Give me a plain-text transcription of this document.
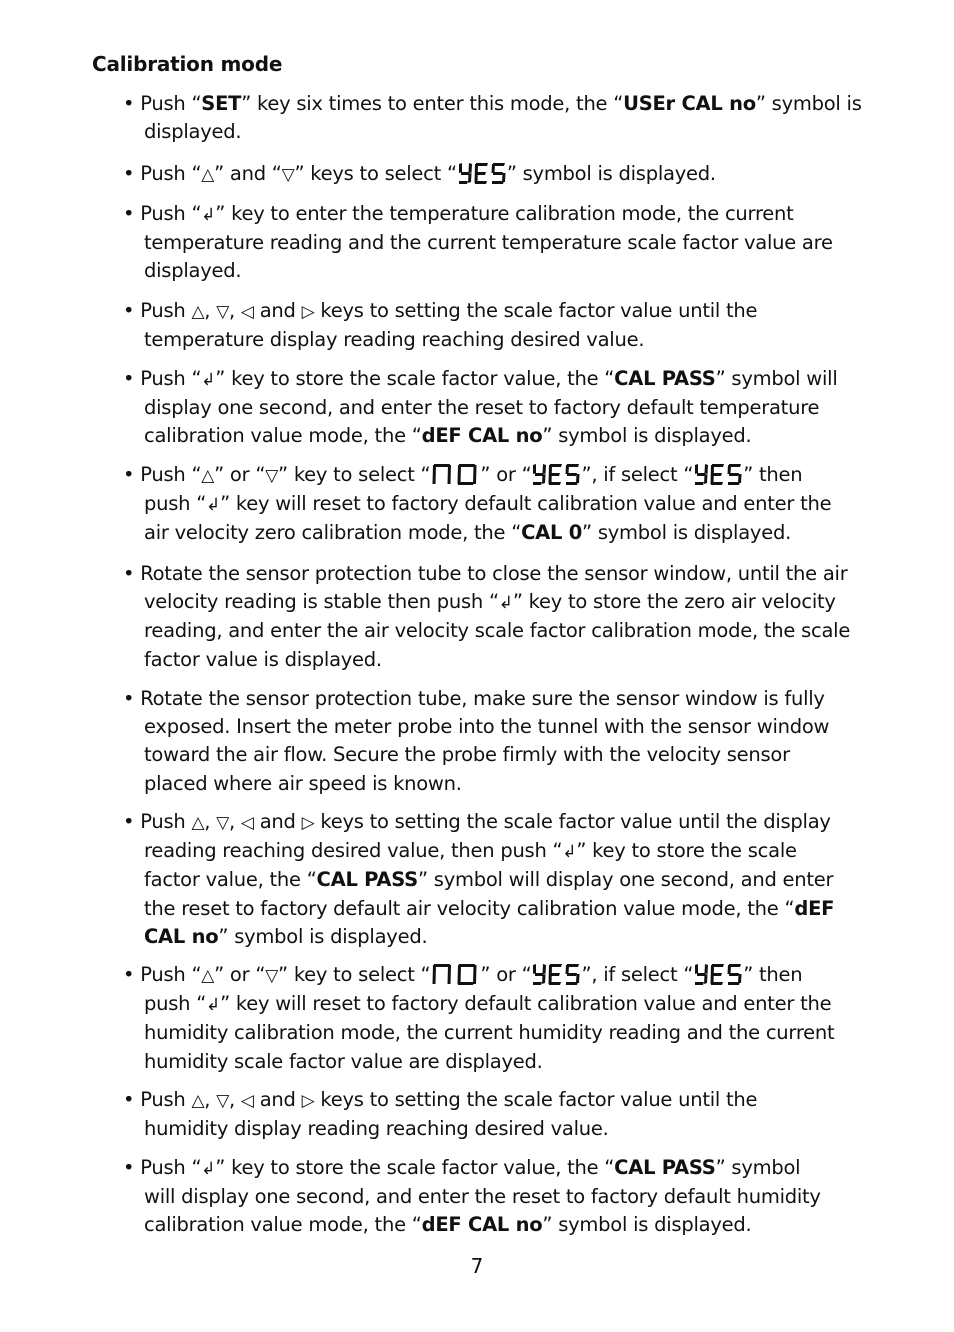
Calibration mode
• Push “SET” key six times to enter this mode, the “USEr CAL no” symbol is
displayed.
• Push “△” and “▽” keys to select “	” symbol is displayed.
• Push “↲” key to enter the temperature calibration mode, the current
temperature reading and the current temperature scale factor value are
displayed.
• Push △, ▽, ◁ and ▷ keys to setting the scale factor value until the
temperature display reading reaching desired value.
• Push “↲” key to store the scale factor value, the “CAL PASS” symbol will
display one second, and enter the reset to factory default temperature
calibration value mode, the “dEF CAL no” symbol is displayed.
• Push “△” or “▽” key to select “	” or “	”, if select “	” then
push “↲” key will reset to factory default calibration value and enter the
air velocity zero calibration mode, the “CAL 0” symbol is displayed.
• Rotate the sensor protection tube to close the sensor window, until the air
velocity reading is stable then push “↲” key to store the zero air velocity
reading, and enter the air velocity scale factor calibration mode, the scale
factor value is displayed.
• Rotate the sensor protection tube, make sure the sensor window is fully
exposed. Insert the meter probe into the tunnel with the sensor window
toward the air flow. Secure the probe firmly with the velocity sensor
placed where air speed is known.
• Push △, ▽, ◁ and ▷ keys to setting the scale factor value until the display
reading reaching desired value, then push “↲” key to store the scale
factor value, the “CAL PASS” symbol will display one second, and enter
the reset to factory default air velocity calibration value mode, the “dEF
CAL no” symbol is displayed.
• Push “△” or “▽” key to select “	” or “	”, if select “	” then
push “↲” key will reset to factory default calibration value and enter the
humidity calibration mode, the current humidity reading and the current
humidity scale factor value are displayed.
• Push △, ▽, ◁ and ▷ keys to setting the scale factor value until the
humidity display reading reaching desired value.
• Push “↲” key to store the scale factor value, the “CAL PASS” symbol
will display one second, and enter the reset to factory default humidity
calibration value mode, the “dEF CAL no” symbol is displayed.
7
